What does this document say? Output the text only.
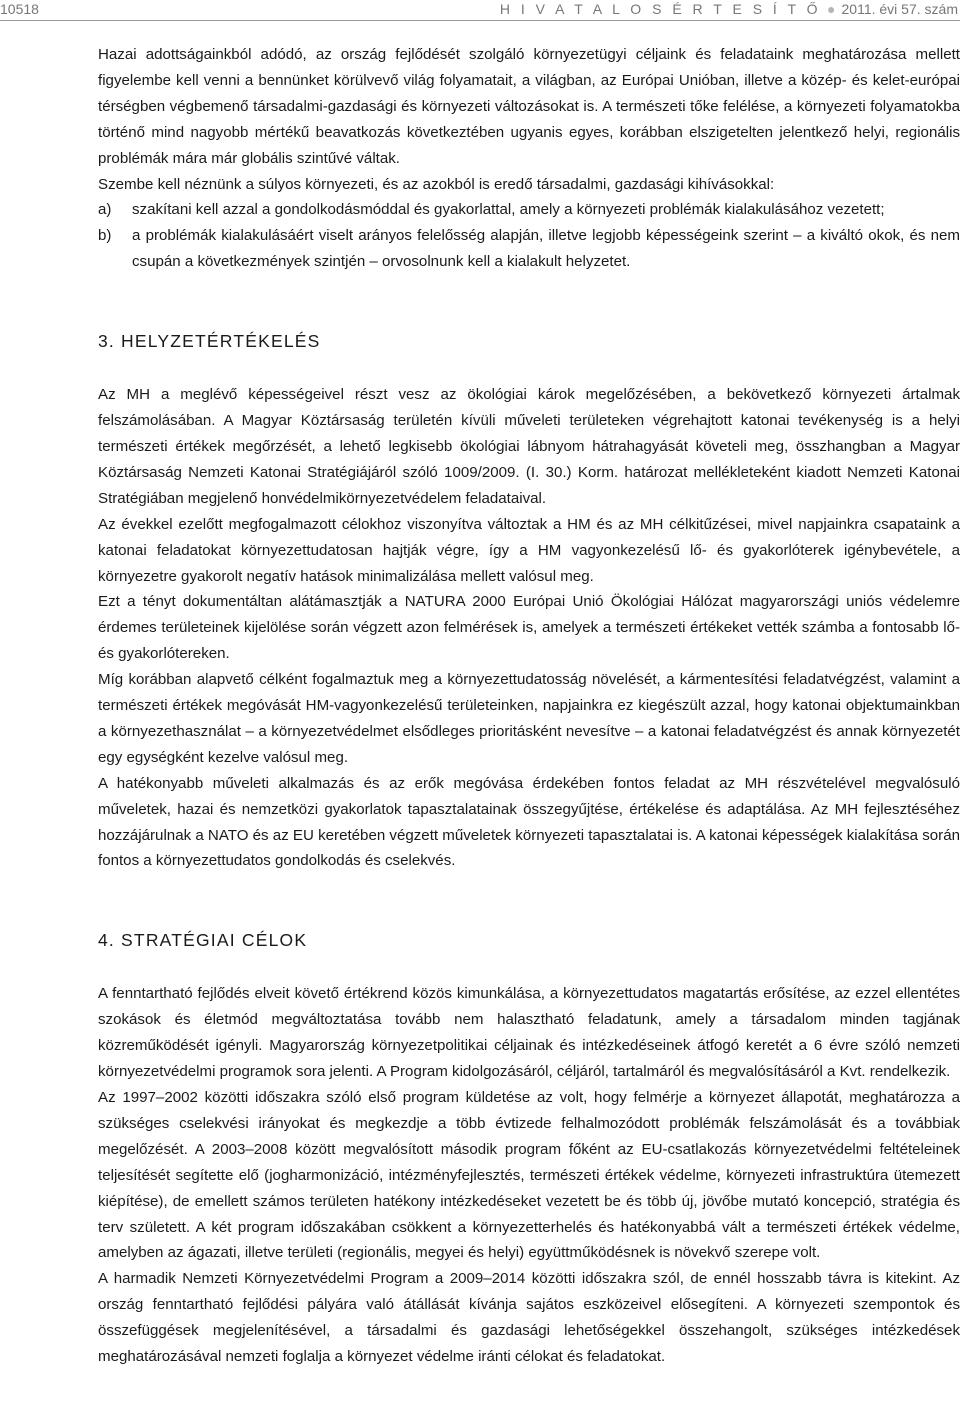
10518	H I V A T A L O S É R T E S Í T Ő ● 2011. évi 57. szám

Hazai adottságainkból adódó, az ország fejlődését szolgáló környezetügyi céljaink és feladataink meghatározása mellett figyelembe kell venni a bennünket körülvevő világ folyamatait, a világban, az Európai Unióban, illetve a közép- és kelet-európai térségben végbemenő társadalmi-gazdasági és környezeti változásokat is. A természeti tőke felélése, a környezeti folyamatokba történő mind nagyobb mértékű beavatkozás következtében ugyanis egyes, korábban elszigetelten jelentkező helyi, regionális problémák mára már globális szintűvé váltak.

Szembe kell néznünk a súlyos környezeti, és az azokból is eredő társadalmi, gazdasági kihívásokkal:

a)	szakítani kell azzal a gondolkodásmóddal és gyakorlattal, amely a környezeti problémák kialakulásához vezetett;
b)	a problémák kialakulásáért viselt arányos felelősség alapján, illetve legjobb képességeink szerint – a kiváltó okok, és nem csupán a következmények szintjén – orvosolnunk kell a kialakult helyzetet.
3. HELYZETÉRTÉKELÉS

Az MH a meglévő képességeivel részt vesz az ökológiai károk megelőzésében, a bekövetkező környezeti ártalmak felszámolásában. A Magyar Köztársaság területén kívüli műveleti területeken végrehajtott katonai tevékenység is a helyi természeti értékek megőrzését, a lehető legkisebb ökológiai lábnyom hátrahagyását követeli meg, összhangban a Magyar Köztársaság Nemzeti Katonai Stratégiájáról szóló 1009/2009. (I. 30.) Korm. határozat mellékleteként kiadott Nemzeti Katonai Stratégiában megjelenő honvédelmikörnyezetvédelem feladataival.

Az évekkel ezelőtt megfogalmazott célokhoz viszonyítva változtak a HM és az MH célkitűzései, mivel napjainkra csapataink a katonai feladatokat környezettudatosan hajtják végre, így a HM vagyonkezelésű lő- és gyakorlóterek igénybevétele, a környezetre gyakorolt negatív hatások minimalizálása mellett valósul meg.

Ezt a tényt dokumentáltan alátámasztják a NATURA 2000 Európai Unió Ökológiai Hálózat magyarországi uniós védelemre érdemes területeinek kijelölése során végzett azon felmérések is, amelyek a természeti értékeket vették számba a fontosabb lő- és gyakorlótereken.

Míg korábban alapvető célként fogalmaztuk meg a környezettudatosság növelését, a kármentesítési feladatvégzést, valamint a természeti értékek megóvását HM-vagyonkezelésű területeinken, napjainkra ez kiegészült azzal, hogy katonai objektumainkban a környezethasználat – a környezetvédelmet elsődleges prioritásként nevesítve – a katonai feladatvégzést és annak környezetét egy egységként kezelve valósul meg.

A hatékonyabb műveleti alkalmazás és az erők megóvása érdekében fontos feladat az MH részvételével megvalósuló műveletek, hazai és nemzetközi gyakorlatok tapasztalatainak összegyűjtése, értékelése és adaptálása. Az MH fejlesztéséhez hozzájárulnak a NATO és az EU keretében végzett műveletek környezeti tapasztalatai is. A katonai képességek kialakítása során fontos a környezettudatos gondolkodás és cselekvés.

4. STRATÉGIAI CÉLOK

A fenntartható fejlődés elveit követő értékrend közös kimunkálása, a környezettudatos magatartás erősítése, az ezzel ellentétes szokások és életmód megváltoztatása tovább nem halasztható feladatunk, amely a társadalom minden tagjának közreműködését igényli. Magyarország környezetpolitikai céljainak és intézkedéseinek átfogó keretét a 6 évre szóló nemzeti környezetvédelmi programok sora jelenti. A Program kidolgozásáról, céljáról, tartalmáról és megvalósításáról a Kvt. rendelkezik.

Az 1997–2002 közötti időszakra szóló első program küldetése az volt, hogy felmérje a környezet állapotát, meghatározza a szükséges cselekvési irányokat és megkezdje a több évtizede felhalmozódott problémák felszámolását és a továbbiak megelőzését. A 2003–2008 között megvalósított második program főként az EU-csatlakozás környezetvédelmi feltételeinek teljesítését segítette elő (jogharmonizáció, intézményfejlesztés, természeti értékek védelme, környezeti infrastruktúra ütemezett kiépítése), de emellett számos területen hatékony intézkedéseket vezetett be és több új, jövőbe mutató koncepció, stratégia és terv született. A két program időszakában csökkent a környezetterhelés és hatékonyabbá vált a természeti értékek védelme, amelyben az ágazati, illetve területi (regionális, megyei és helyi) együttműködésnek is növekvő szerepe volt.

A harmadik Nemzeti Környezetvédelmi Program a 2009–2014 közötti időszakra szól, de ennél hosszabb távra is kitekint. Az ország fenntartható fejlődési pályára való átállását kívánja sajátos eszközeivel elősegíteni. A környezeti szempontok és összefüggések megjelenítésével, a társadalmi és gazdasági lehetőségekkel összehangolt, szükséges intézkedések meghatározásával nemzeti foglalja a környezet védelme iránti célokat és feladatokat.
